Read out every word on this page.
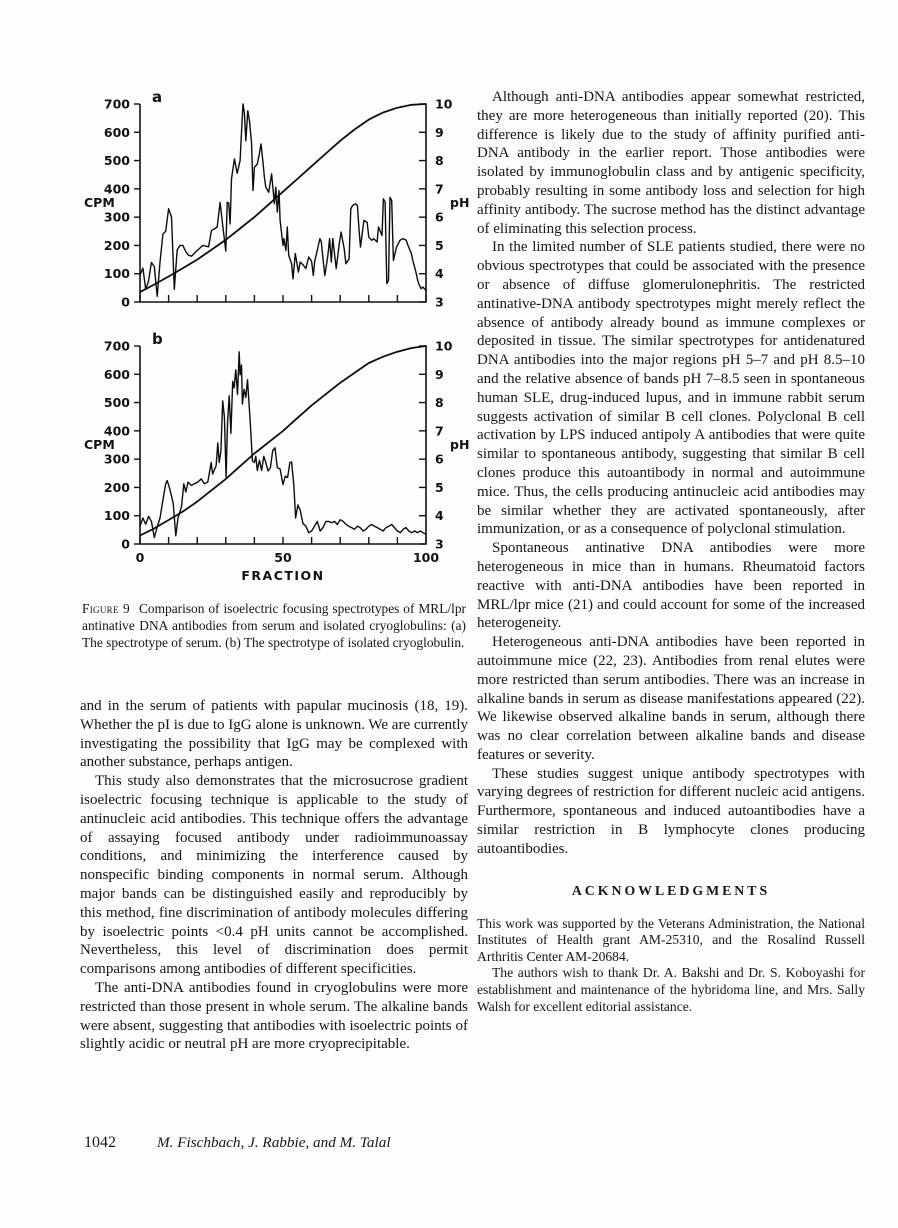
0
100
200
300
400
500
600
700
3
4
5
6
7
8
9
10
CPM	pH
a
0
100
200
300
400
500
600
700
3
4
5
6
7
8
9
10
0	50	100
FRACTION
CPM	pH
b

Figure 9 Comparison of isoelectric focusing spectrotypes of MRL/lpr antinative DNA antibodies from serum and isolated cryoglobulins: (a) The spectrotype of serum. (b) The spectrotype of isolated cryoglobulin.

and in the serum of patients with papular mucinosis (18, 19). Whether the pI is due to IgG alone is unknown. We are currently investigating the possibility that IgG may be complexed with another substance, perhaps antigen.

This study also demonstrates that the microsucrose gradient isoelectric focusing technique is applicable to the study of antinucleic acid antibodies. This technique offers the advantage of assaying focused antibody under radioimmunoassay conditions, and minimizing the interference caused by nonspecific binding components in normal serum. Although major bands can be distinguished easily and reproducibly by this method, fine discrimination of antibody molecules differing by isoelectric points <0.4 pH units cannot be accomplished. Nevertheless, this level of discrimination does permit comparisons among antibodies of different specificities.

The anti-DNA antibodies found in cryoglobulins were more restricted than those present in whole serum. The alkaline bands were absent, suggesting that antibodies with isoelectric points of slightly acidic or neutral pH are more cryoprecipitable.

Although anti-DNA antibodies appear somewhat restricted, they are more heterogeneous than initially reported (20). This difference is likely due to the study of affinity purified anti-DNA antibody in the earlier report. Those antibodies were isolated by immunoglobulin class and by antigenic specificity, probably resulting in some antibody loss and selection for high affinity antibody. The sucrose method has the distinct advantage of eliminating this selection process.

In the limited number of SLE patients studied, there were no obvious spectrotypes that could be associated with the presence or absence of diffuse glomerulonephritis. The restricted antinative-DNA antibody spectrotypes might merely reflect the absence of antibody already bound as immune complexes or deposited in tissue. The similar spectrotypes for antidenatured DNA antibodies into the major regions pH 5–7 and pH 8.5–10 and the relative absence of bands pH 7–8.5 seen in spontaneous human SLE, drug-induced lupus, and in immune rabbit serum suggests activation of similar B cell clones. Polyclonal B cell activation by LPS induced antipoly A antibodies that were quite similar to spontaneous antibody, suggesting that similar B cell clones produce this autoantibody in normal and autoimmune mice. Thus, the cells producing antinucleic acid antibodies may be similar whether they are activated spontaneously, after immunization, or as a consequence of polyclonal stimulation.

Spontaneous antinative DNA antibodies were more heterogeneous in mice than in humans. Rheumatoid factors reactive with anti-DNA antibodies have been reported in MRL/lpr mice (21) and could account for some of the increased heterogeneity.

Heterogeneous anti-DNA antibodies have been reported in autoimmune mice (22, 23). Antibodies from renal elutes were more restricted than serum antibodies. There was an increase in alkaline bands in serum as disease manifestations appeared (22). We likewise observed alkaline bands in serum, although there was no clear correlation between alkaline bands and disease features or severity.

These studies suggest unique antibody spectrotypes with varying degrees of restriction for different nucleic acid antigens. Furthermore, spontaneous and induced autoantibodies have a similar restriction in B lymphocyte clones producing autoantibodies.

ACKNOWLEDGMENTS

This work was supported by the Veterans Administration, the National Institutes of Health grant AM-25310, and the Rosalind Russell Arthritis Center AM-20684.

The authors wish to thank Dr. A. Bakshi and Dr. S. Koboyashi for establishment and maintenance of the hybridoma line, and Mrs. Sally Walsh for excellent editorial assistance.

1042	M. Fischbach, J. Rabbie, and M. Talal
